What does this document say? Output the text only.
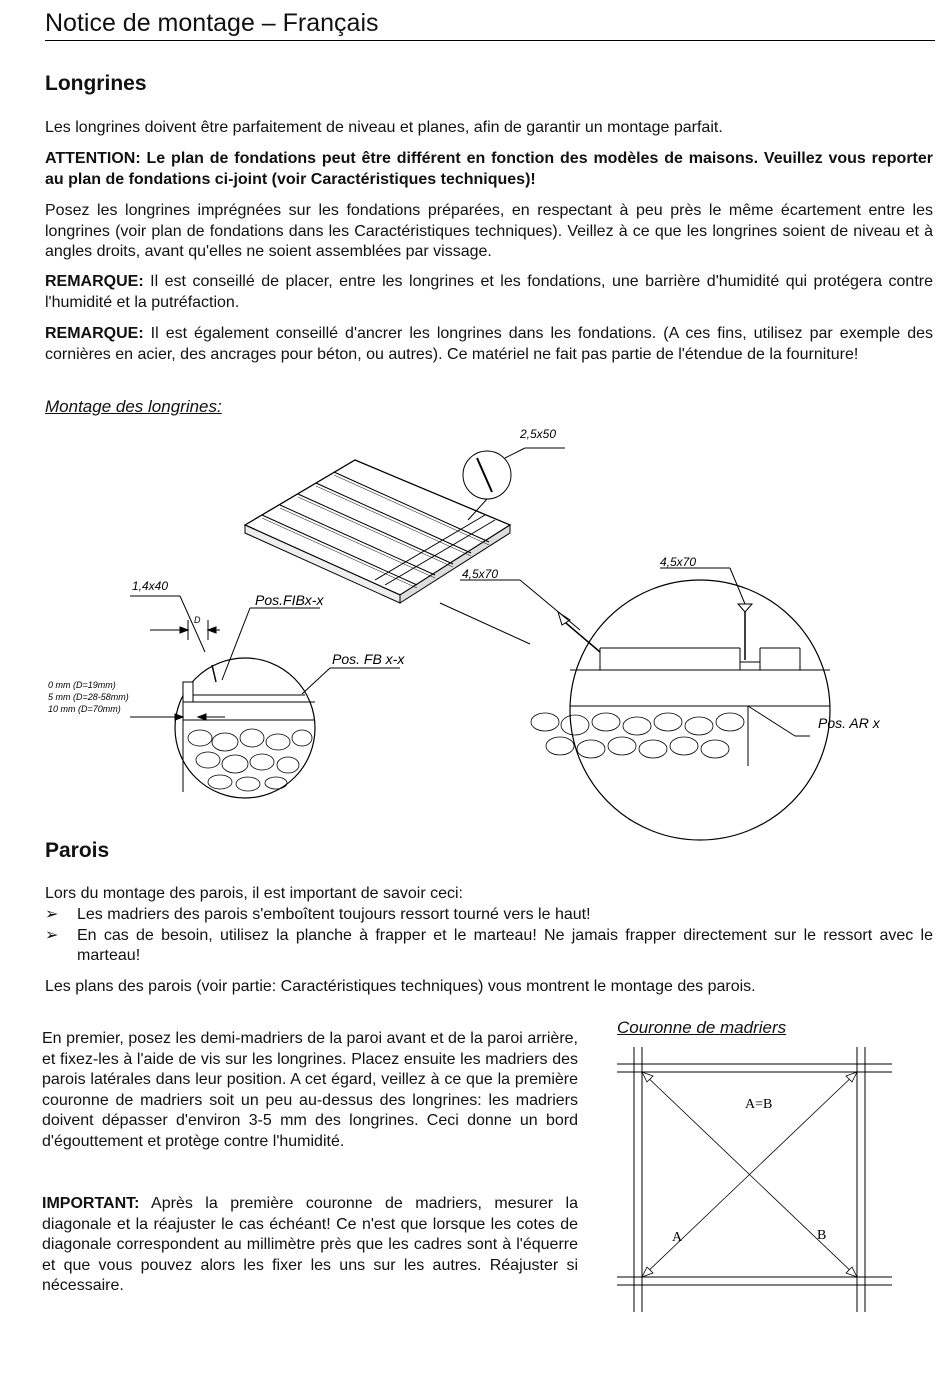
Notice de montage – Français
Longrines

Les longrines doivent être parfaitement de niveau et planes, afin de garantir un montage parfait.

ATTENTION: Le plan de fondations peut être différent en fonction des modèles de maisons. Veuillez vous reporter au plan de fondations ci-joint (voir Caractéristiques techniques)!

Posez les longrines imprégnées sur les fondations préparées, en respectant à peu près le même écartement entre les longrines (voir plan de fondations dans les Caractéristiques techniques). Veillez à ce que les longrines soient de niveau et à angles droits, avant qu'elles ne soient assemblées par vissage.

REMARQUE: Il est conseillé de placer, entre les longrines et les fondations, une barrière d'humidité qui protégera contre l'humidité et la putréfaction.

REMARQUE: Il est également conseillé d'ancrer les longrines dans les fondations. (A ces fins, utilisez par exemple des cornières en acier, des ancrages pour béton, ou autres). Ce matériel ne fait pas partie de l'étendue de la fourniture!

Montage des longrines:
2,5x50
1,4x40
4,5x70
4,5x70
Pos.FIBx-x
Pos. FB x-x
Pos. AR x
D
0 mm (D=19mm)
5 mm (D=28-58mm)
10 mm (D=70mm)
Parois

Lors du montage des parois, il est important de savoir ceci:

➢ Les madriers des parois s'emboîtent toujours ressort tourné vers le haut!
➢ En cas de besoin, utilisez la planche à frapper et le marteau! Ne jamais frapper directement sur le ressort avec le marteau!

Les plans des parois (voir partie: Caractéristiques techniques) vous montrent le montage des parois.

En premier, posez les demi-madriers de la paroi avant et de la paroi arrière, et fixez-les à l'aide de vis sur les longrines. Placez ensuite les madriers des parois latérales dans leur position. A cet égard, veillez à ce que la première couronne de madriers soit un peu au-dessus des longrines: les madriers doivent dépasser d'environ 3-5 mm des longrines. Ceci donne un bord d'égouttement et protège contre l'humidité.

IMPORTANT: Après la première couronne de madriers, mesurer la diagonale et la réajuster le cas échéant! Ce n'est que lorsque les cotes de diagonale correspondent au millimètre près que les cadres sont à l'équerre et que vous pouvez alors les fixer les uns sur les autres. Réajuster si nécessaire.

Couronne de madriers
A=B
A	B
